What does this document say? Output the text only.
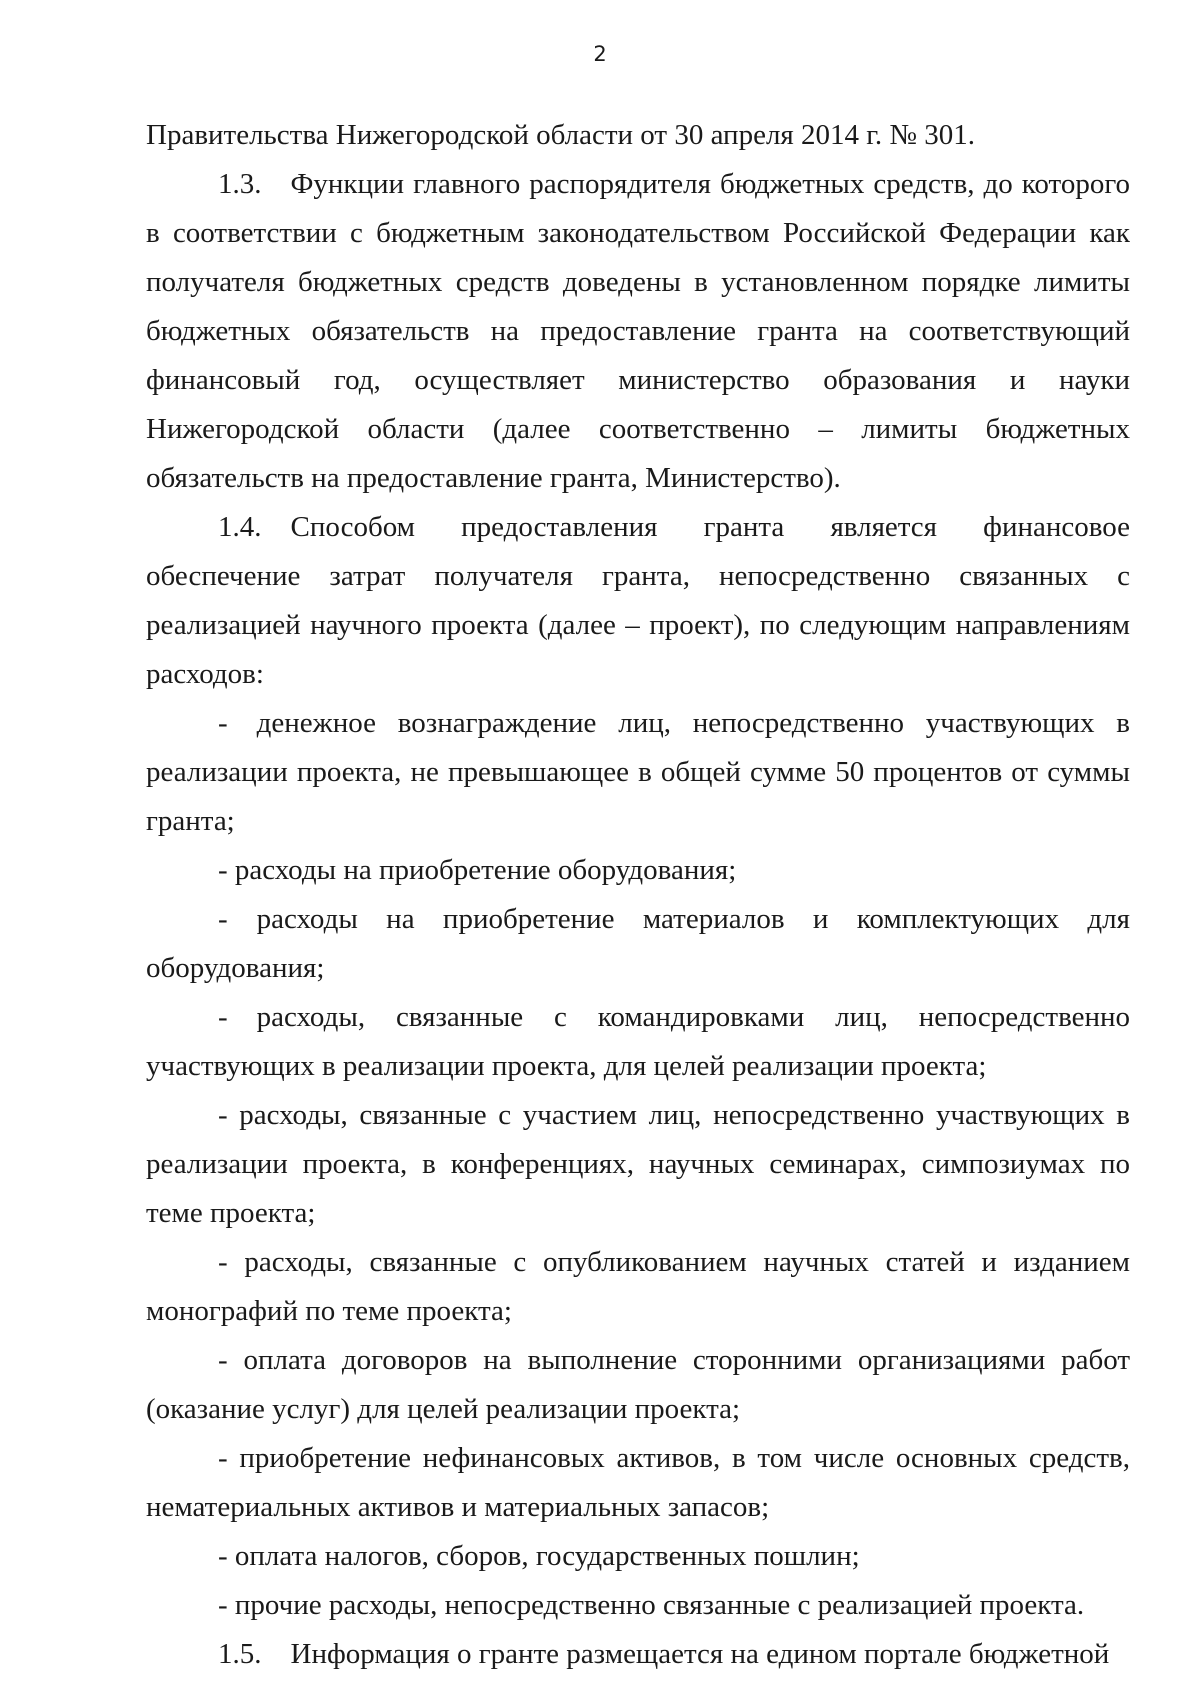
2

Правительства Нижегородской области от 30 апреля 2014 г. № 301.

1.3. Функции главного распорядителя бюджетных средств, до которого в соответствии с бюджетным законодательством Российской Федерации как получателя бюджетных средств доведены в установленном порядке лимиты бюджетных обязательств на предоставление гранта на соответствующий финансовый год, осуществляет министерство образования и науки Нижегородской области (далее соответственно – лимиты бюджетных обязательств на предоставление гранта, Министерство).

1.4. Способом предоставления гранта является финансовое обеспечение затрат получателя гранта, непосредственно связанных с реализацией научного проекта (далее – проект), по следующим направлениям расходов:

- денежное вознаграждение лиц, непосредственно участвующих в реализации проекта, не превышающее в общей сумме 50 процентов от суммы гранта;

- расходы на приобретение оборудования;

- расходы на приобретение материалов и комплектующих для оборудования;

- расходы, связанные с командировками лиц, непосредственно участвующих в реализации проекта, для целей реализации проекта;

- расходы, связанные с участием лиц, непосредственно участвующих в реализации проекта, в конференциях, научных семинарах, симпозиумах по теме проекта;

- расходы, связанные с опубликованием научных статей и изданием монографий по теме проекта;

- оплата договоров на выполнение сторонними организациями работ (оказание услуг) для целей реализации проекта;

- приобретение нефинансовых активов, в том числе основных средств, нематериальных активов и материальных запасов;

- оплата налогов, сборов, государственных пошлин;

- прочие расходы, непосредственно связанные с реализацией проекта.

1.5. Информация о гранте размещается на едином портале бюджетной
